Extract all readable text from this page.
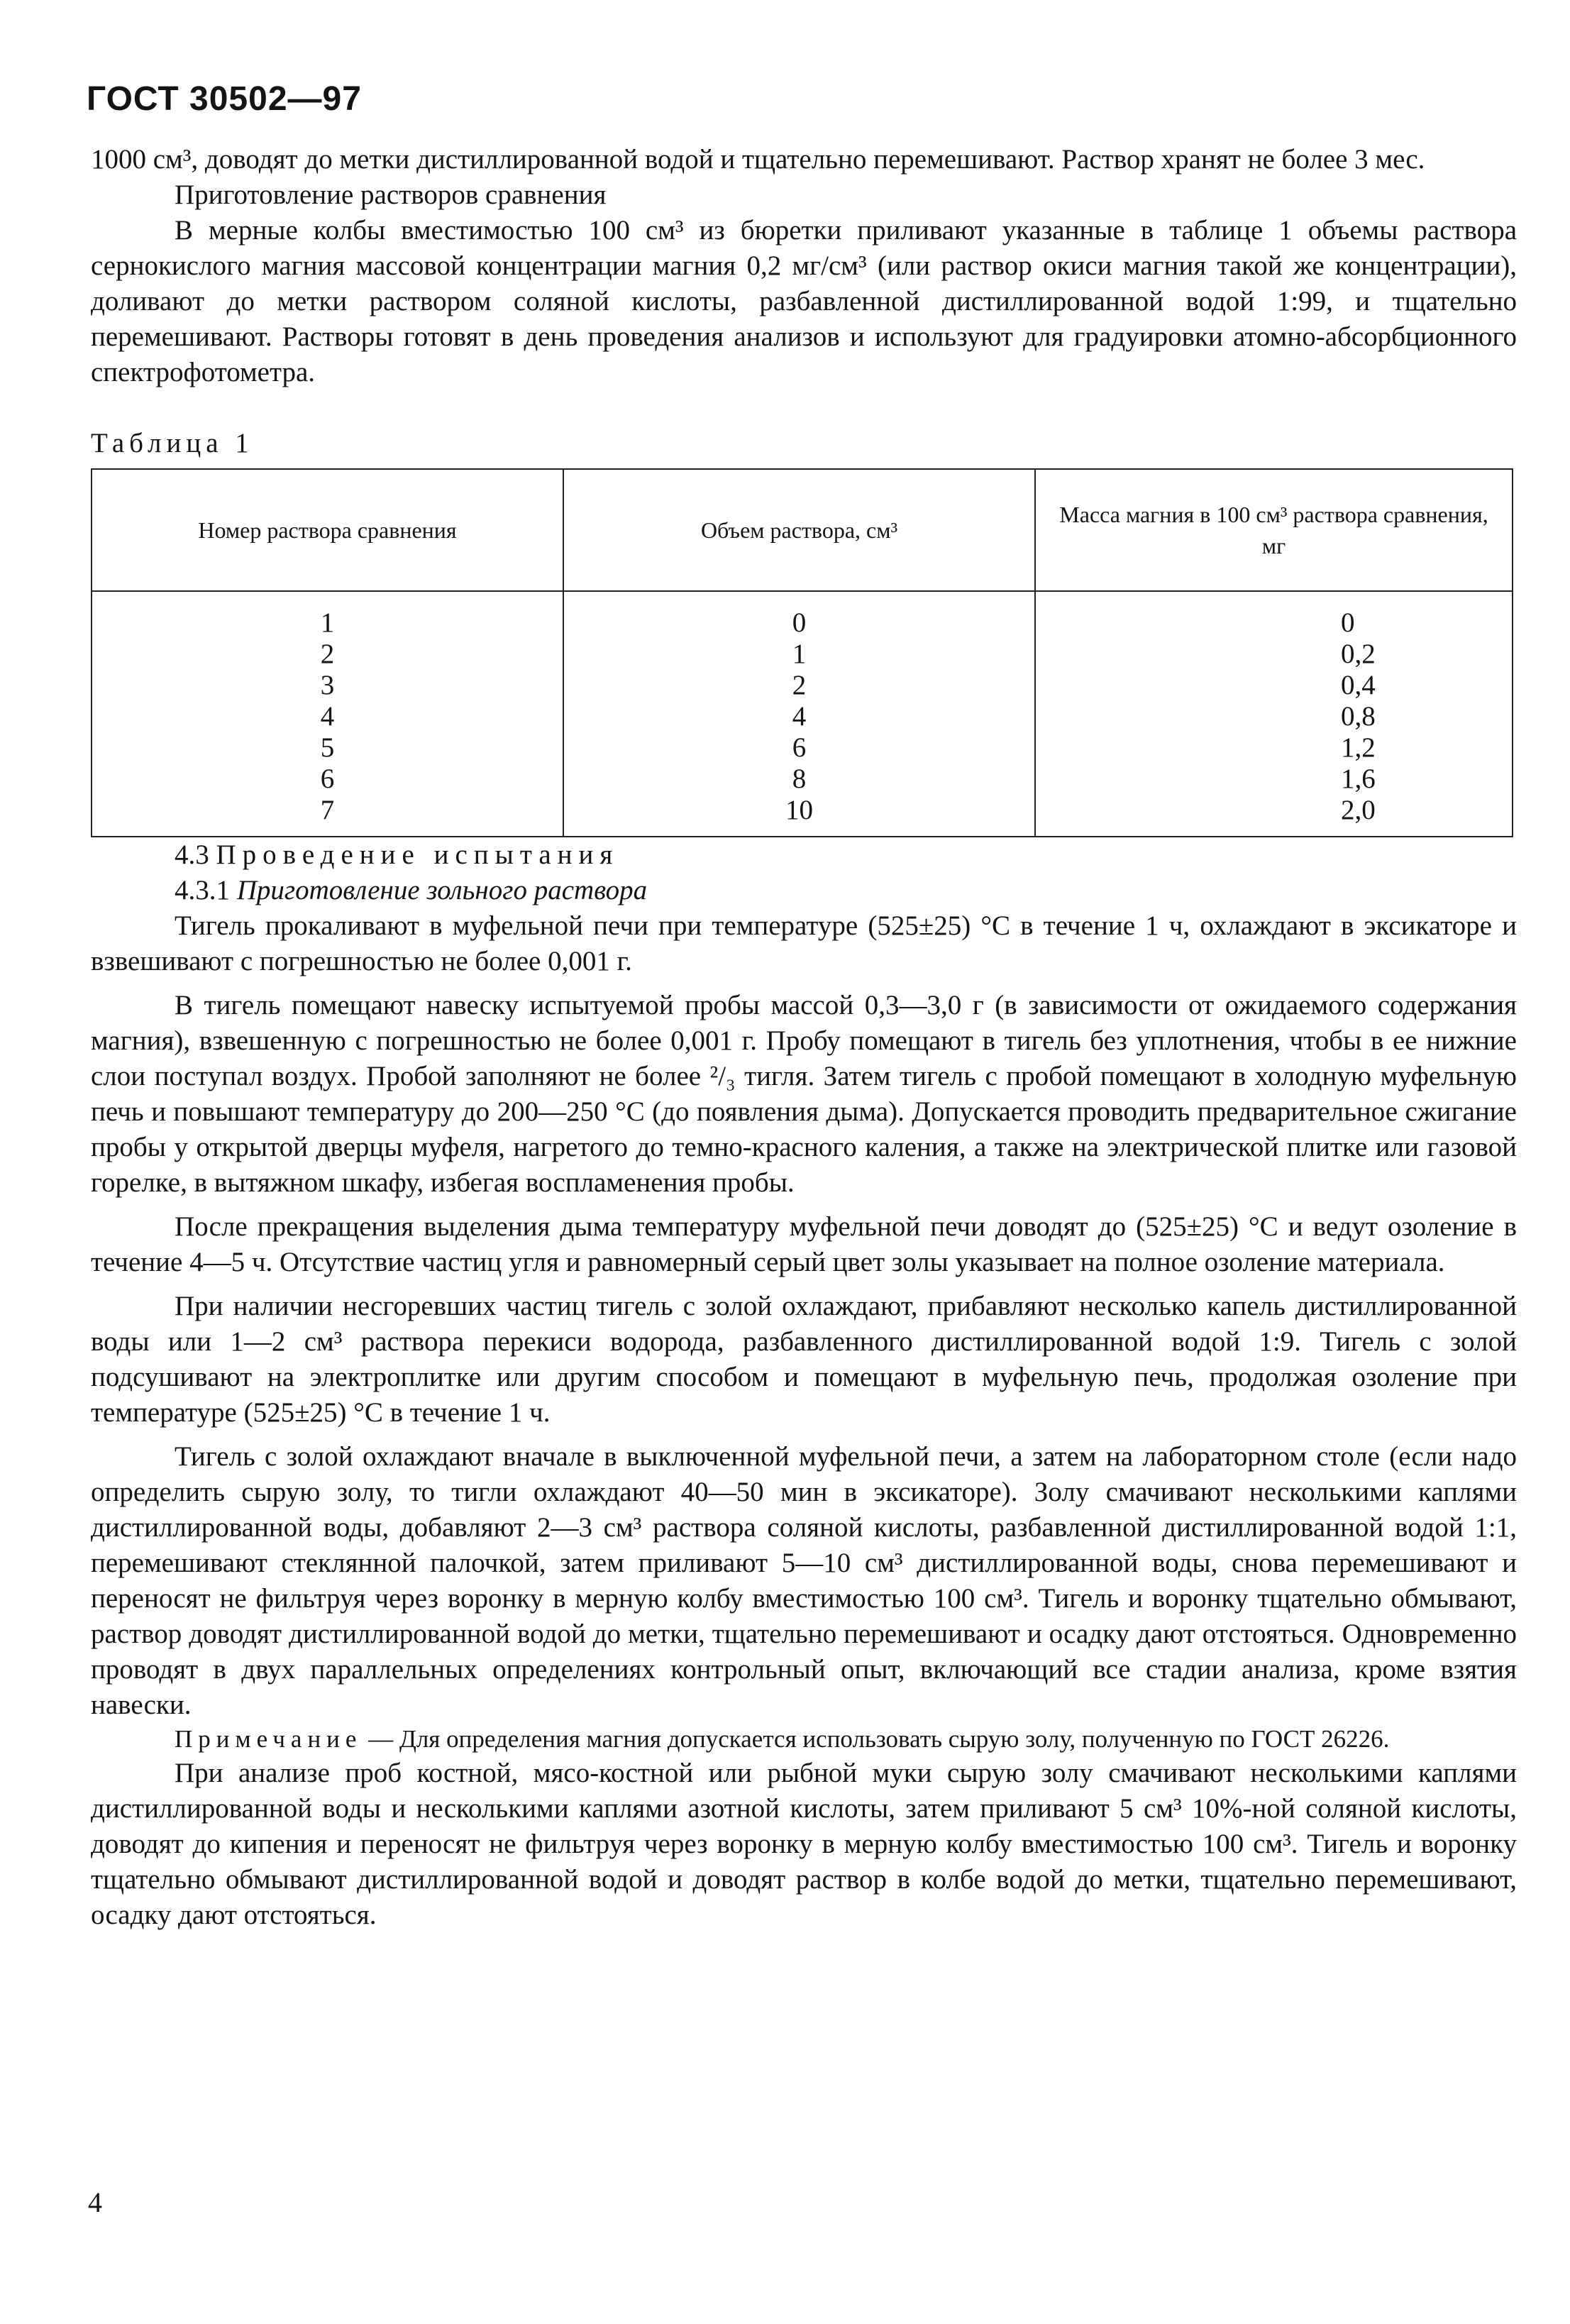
ГОСТ 30502—97

1000 см³, доводят до метки дистиллированной водой и тщательно перемешивают. Раствор хранят не более 3 мес.

Приготовление растворов сравнения

В мерные колбы вместимостью 100 см³ из бюретки приливают указанные в таблице 1 объемы раствора сернокислого магния массовой концентрации магния 0,2 мг/см³ (или раствор окиси магния такой же концентрации), доливают до метки раствором соляной кислоты, разбавленной дистиллированной водой 1:99, и тщательно перемешивают. Растворы готовят в день проведения анализов и используют для градуировки атомно-абсорбционного спектрофотометра.

Таблица 1
Номер раствора сравнения	Объем раствора, см³	Масса магния в 100 см³ раствора сравнения, мг
1	0	0
2	1	0,2
3	2	0,4
4	4	0,8
5	6	1,2
6	8	1,6
7	10	2,0

4.3 Проведение испытания

4.3.1 Приготовление зольного раствора

Тигель прокаливают в муфельной печи при температуре (525±25) °С в течение 1 ч, охлаждают в эксикаторе и взвешивают с погрешностью не более 0,001 г.

В тигель помещают навеску испытуемой пробы массой 0,3—3,0 г (в зависимости от ожидаемого содержания магния), взвешенную с погрешностью не более 0,001 г. Пробу помещают в тигель без уплотнения, чтобы в ее нижние слои поступал воздух. Пробой заполняют не более ²/₃ тигля. Затем тигель с пробой помещают в холодную муфельную печь и повышают температуру до 200—250 °С (до появления дыма). Допускается проводить предварительное сжигание пробы у открытой дверцы муфеля, нагретого до темно-красного каления, а также на электрической плитке или газовой горелке, в вытяжном шкафу, избегая воспламенения пробы.

После прекращения выделения дыма температуру муфельной печи доводят до (525±25) °С и ведут озоление в течение 4—5 ч. Отсутствие частиц угля и равномерный серый цвет золы указывает на полное озоление материала.

При наличии несгоревших частиц тигель с золой охлаждают, прибавляют несколько капель дистиллированной воды или 1—2 см³ раствора перекиси водорода, разбавленного дистиллированной водой 1:9. Тигель с золой подсушивают на электроплитке или другим способом и помещают в муфельную печь, продолжая озоление при температуре (525±25) °С в течение 1 ч.

Тигель с золой охлаждают вначале в выключенной муфельной печи, а затем на лабораторном столе (если надо определить сырую золу, то тигли охлаждают 40—50 мин в эксикаторе). Золу смачивают несколькими каплями дистиллированной воды, добавляют 2—3 см³ раствора соляной кислоты, разбавленной дистиллированной водой 1:1, перемешивают стеклянной палочкой, затем приливают 5—10 см³ дистиллированной воды, снова перемешивают и переносят не фильтруя через воронку в мерную колбу вместимостью 100 см³. Тигель и воронку тщательно обмывают, раствор доводят дистиллированной водой до метки, тщательно перемешивают и осадку дают отстояться. Одновременно проводят в двух параллельных определениях контрольный опыт, включающий все стадии анализа, кроме взятия навески.

Примечание — Для определения магния допускается использовать сырую золу, полученную по ГОСТ 26226.

При анализе проб костной, мясо-костной или рыбной муки сырую золу смачивают несколькими каплями дистиллированной воды и несколькими каплями азотной кислоты, затем приливают 5 см³ 10%-ной соляной кислоты, доводят до кипения и переносят не фильтруя через воронку в мерную колбу вместимостью 100 см³. Тигель и воронку тщательно обмывают дистиллированной водой и доводят раствор в колбе водой до метки, тщательно перемешивают, осадку дают отстояться.

4
